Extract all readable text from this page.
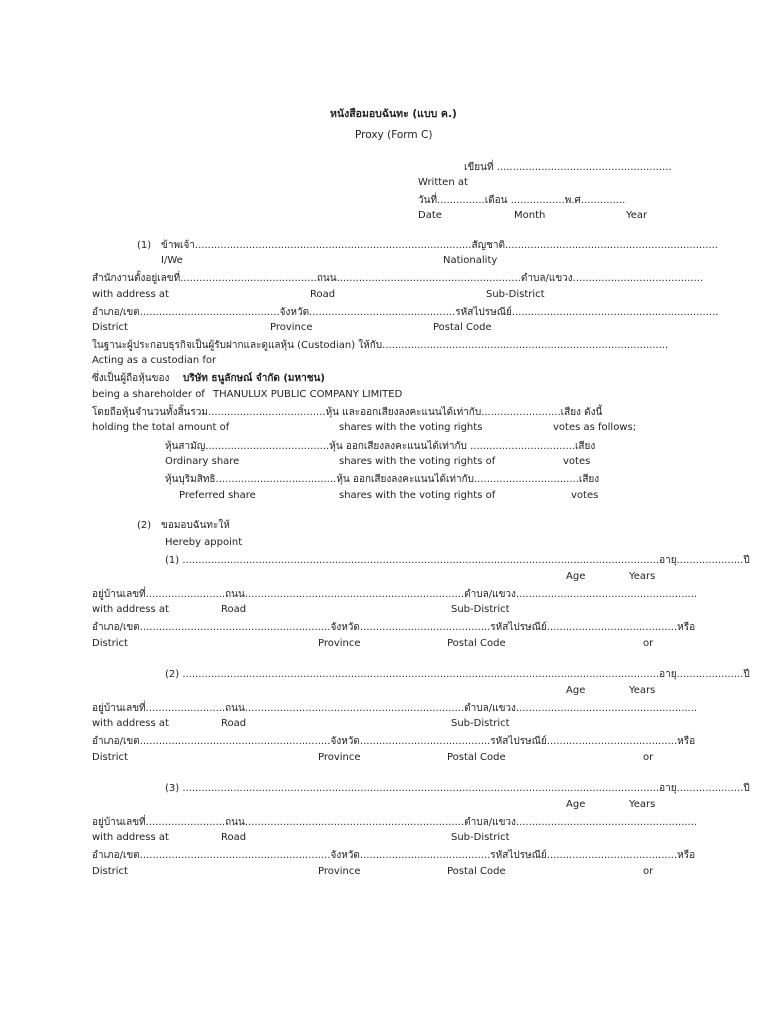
หนังสือมอบฉันทะ (แบบ ค.)
Proxy (Form C)
เขียนที่ .......................................................
Written at
วันที่...............เดือน .................พ.ศ..............
Date	Month	Year
(1) ข้าพเจ้า.......................................................................................สัญชาติ...................................................................
I/We	Nationality
สำนักงานตั้งอยู่เลขที่...........................................ถนน..........................................................ตำบล/แขวง.........................................
with address at	Road	Sub-District
อำเภอ/เขต............................................จังหวัด..............................................รหัสไปรษณีย์.................................................................
District	Province	Postal Code
ในฐานะผู้ประกอบธุรกิจเป็นผู้รับฝากและดูแลหุ้น (Custodian) ให้กับ..........................................................................................
Acting as a custodian for
ซึ่งเป็นผู้ถือหุ้นของ บริษัท ธนูลักษณ์ จำกัด (มหาชน)
being a shareholder of THANULUX PUBLIC COMPANY LIMITED
โดยถือหุ้นจำนวนทั้งสิ้นรวม.....................................หุ้น และออกเสียงลงคะแนนได้เท่ากับ.........................เสียง ดังนี้
holding the total amount of	shares with the voting rights	votes as follows;
หุ้นสามัญ.......................................หุ้น ออกเสียงลงคะแนนได้เท่ากับ .................................เสียง
Ordinary share	shares with the voting rights of	votes
หุ้นบุริมสิทธิ......................................หุ้น ออกเสียงลงคะแนนได้เท่ากับ.................................เสียง
Preferred share	shares with the voting rights of	votes
(2) ขอมอบฉันทะให้
Hereby appoint
(1) ......................................................................................................................................................อายุ.....................ปี
Age	Years
อยู่บ้านเลขที่.........................ถนน.....................................................................ตำบล/แขวง.........................................................
with address at	Road	Sub-District
อำเภอ/เขต............................................................จังหวัด.........................................รหัสไปรษณีย์.........................................หรือ
District	Province	Postal Code	or
(2) ......................................................................................................................................................อายุ.....................ปี
Age	Years
อยู่บ้านเลขที่.........................ถนน.....................................................................ตำบล/แขวง.........................................................
with address at	Road	Sub-District
อำเภอ/เขต............................................................จังหวัด.........................................รหัสไปรษณีย์.........................................หรือ
District	Province	Postal Code	or
(3) ......................................................................................................................................................อายุ.....................ปี
Age	Years
อยู่บ้านเลขที่.........................ถนน.....................................................................ตำบล/แขวง.........................................................
with address at	Road	Sub-District
อำเภอ/เขต............................................................จังหวัด.........................................รหัสไปรษณีย์.........................................หรือ
District	Province	Postal Code	or
